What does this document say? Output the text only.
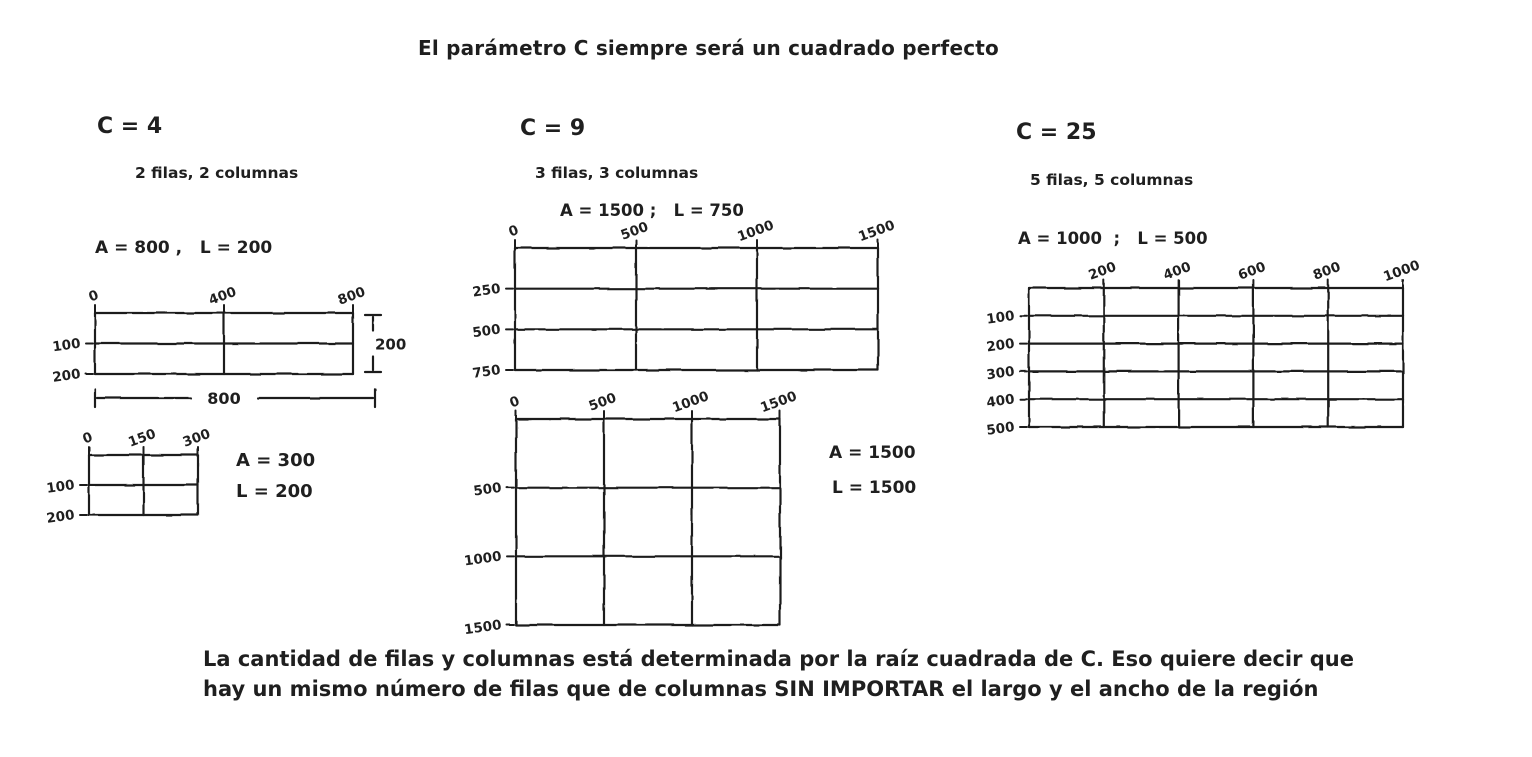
El parámetro C siempre será un cuadrado perfecto
C = 4
2 filas, 2 columnas
A = 800 ,   L = 200
0	400	800
100
200
200
800
0 150 300
100
200
A = 300
L = 200
C = 9
3 filas, 3 columnas
A = 1500 ;   L = 750
0	500	1000	1500
250
500
750
0	500	1000	1500
500
1000
1500
A = 1500
L = 1500
C = 25
5 filas, 5 columnas
A = 1000  ;   L = 500
200	400	600	800	1000
100
200
300
400
500
La cantidad de filas y columnas está determinada por la raíz cuadrada de C. Eso quiere decir que
hay un mismo número de filas que de columnas SIN IMPORTAR el largo y el ancho de la región
